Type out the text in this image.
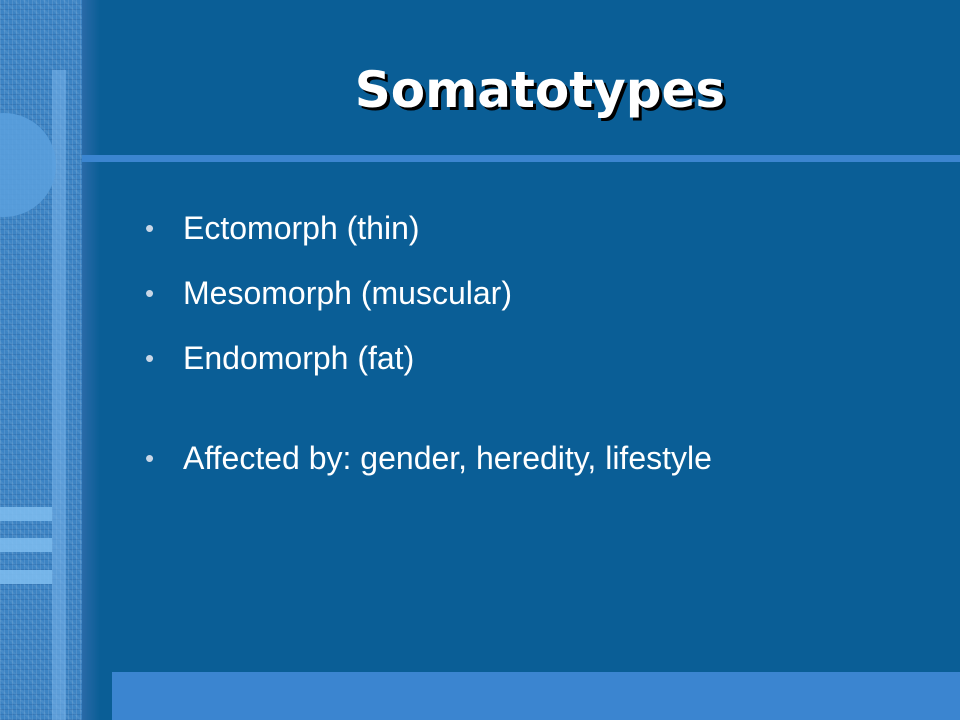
Somatotypes
• Ectomorph (thin)
• Mesomorph (muscular)
• Endomorph (fat)
• Affected by: gender, heredity, lifestyle
